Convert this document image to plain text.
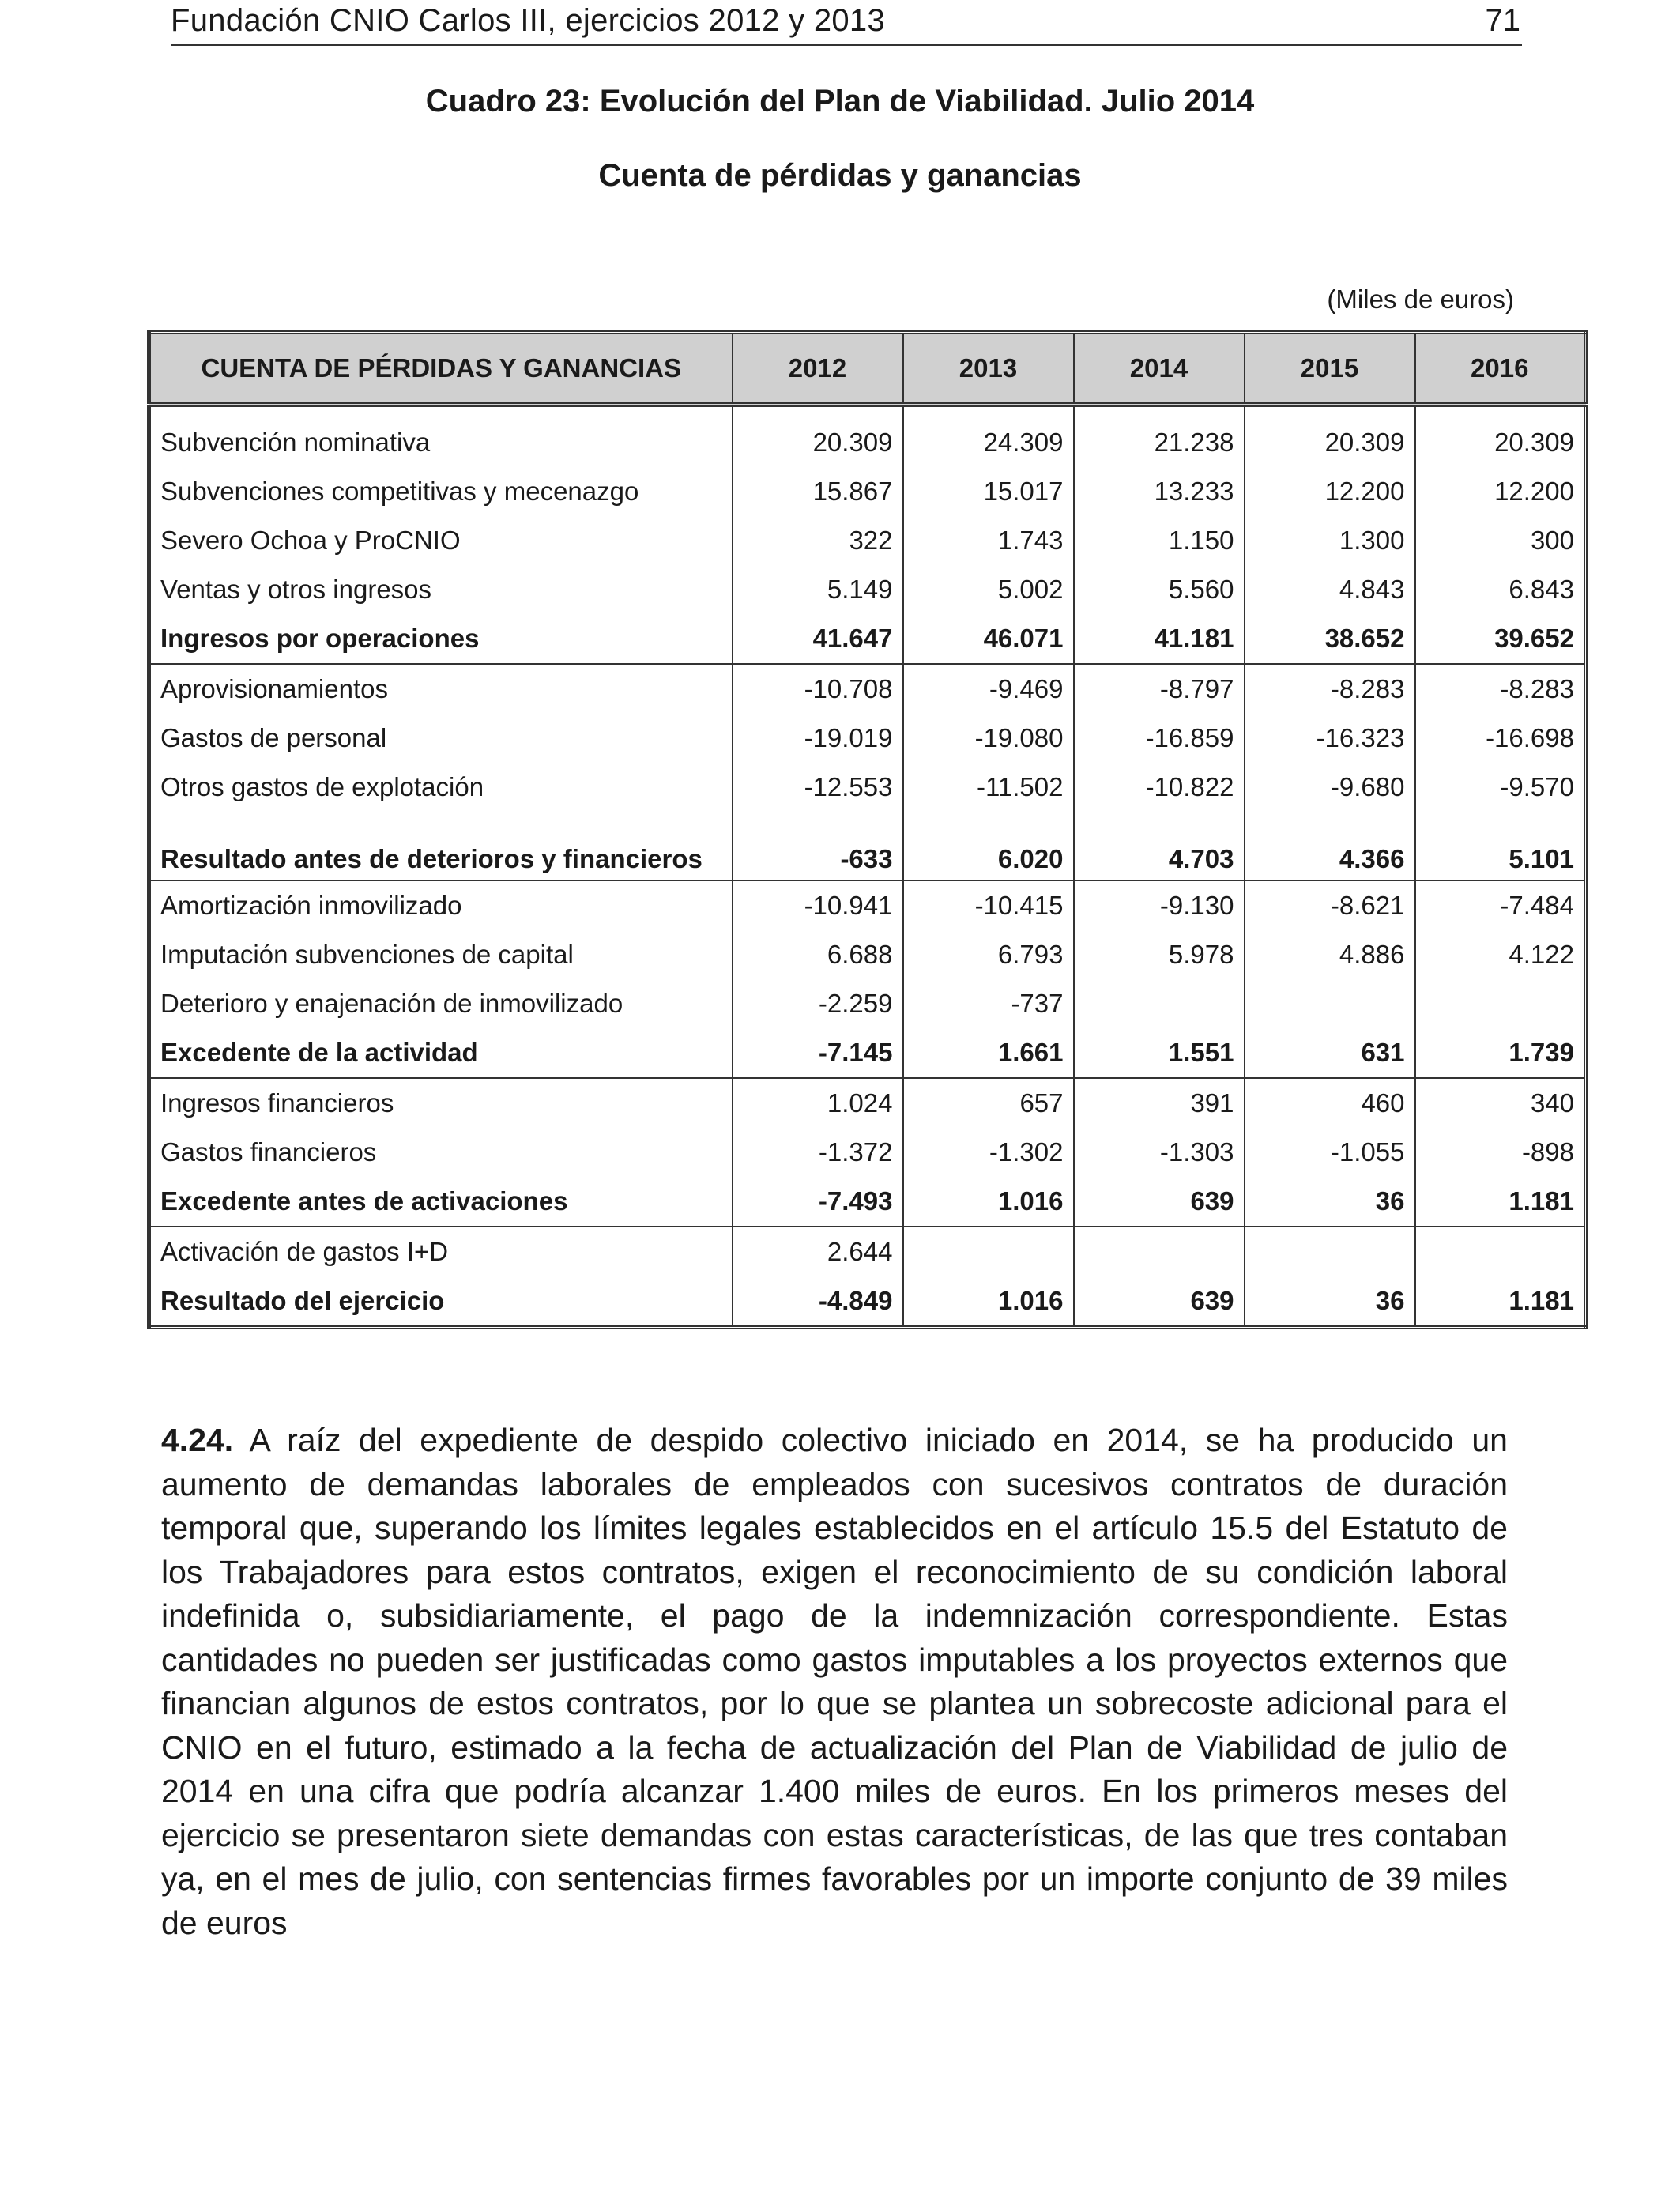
Fundación CNIO Carlos III, ejercicios 2012 y 2013	71
Cuadro 23: Evolución del Plan de Viabilidad. Julio 2014
Cuenta de pérdidas y ganancias
(Miles de euros)
CUENTA DE PÉRDIDAS Y GANANCIAS	2012	2013	2014	2015	2016
Subvención nominativa	20.309	24.309	21.238	20.309	20.309
Subvenciones competitivas y mecenazgo	15.867	15.017	13.233	12.200	12.200
Severo Ochoa y ProCNIO	322	1.743	1.150	1.300	300
Ventas y otros ingresos	5.149	5.002	5.560	4.843	6.843
Ingresos por operaciones	41.647	46.071	41.181	38.652	39.652
Aprovisionamientos	-10.708	-9.469	-8.797	-8.283	-8.283
Gastos de personal	-19.019	-19.080	-16.859	-16.323	-16.698
Otros gastos de explotación	-12.553	-11.502	-10.822	-9.680	-9.570
Resultado antes de deterioros y financieros	-633	6.020	4.703	4.366	5.101
Amortización inmovilizado	-10.941	-10.415	-9.130	-8.621	-7.484
Imputación subvenciones de capital	6.688	6.793	5.978	4.886	4.122
Deterioro y enajenación de inmovilizado	-2.259	-737			
Excedente de la actividad	-7.145	1.661	1.551	631	1.739
Ingresos financieros	1.024	657	391	460	340
Gastos financieros	-1.372	-1.302	-1.303	-1.055	-898
Excedente antes de activaciones	-7.493	1.016	639	36	1.181
Activación de gastos I+D	2.644				
Resultado del ejercicio	-4.849	1.016	639	36	1.181
4.24. A raíz del expediente de despido colectivo iniciado en 2014, se ha producido un aumento de demandas laborales de empleados con sucesivos contratos de duración temporal que, superando los límites legales establecidos en el artículo 15.5 del Estatuto de los Trabajadores para estos contratos, exigen el reconocimiento de su condición laboral indefinida o, subsidiariamente, el pago de la indemnización correspondiente. Estas cantidades no pueden ser justificadas como gastos imputables a los proyectos externos que financian algunos de estos contratos, por lo que se plantea un sobrecoste adicional para el CNIO en el futuro, estimado a la fecha de actualización del Plan de Viabilidad de julio de 2014 en una cifra que podría alcanzar 1.400 miles de euros. En los primeros meses del ejercicio se presentaron siete demandas con estas características, de las que tres contaban ya, en el mes de julio, con sentencias firmes favorables por un importe conjunto de 39 miles de euros
